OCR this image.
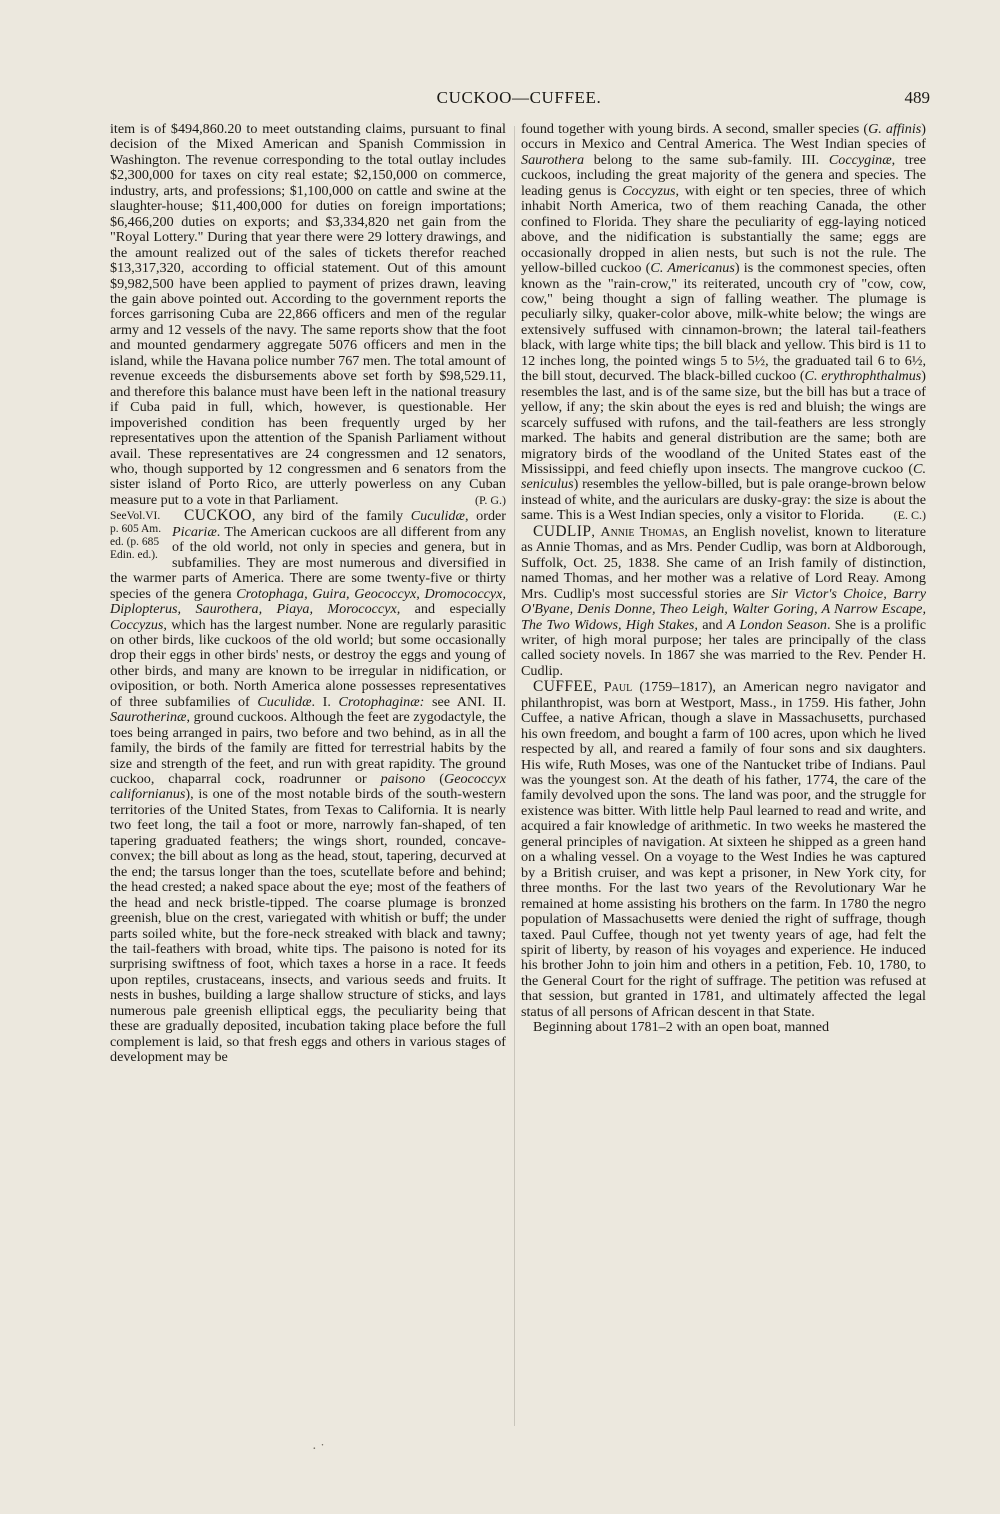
CUCKOO—CUFFEE.	489

item is of $494,860.20 to meet outstanding claims, pursuant to final decision of the Mixed American and Spanish Commission in Washington. The revenue corresponding to the total outlay includes $2,300,000 for taxes on city real estate; $2,150,000 on commerce, industry, arts, and professions; $1,100,000 on cattle and swine at the slaughter-house; $11,400,000 for duties on foreign importations; $6,466,200 duties on exports; and $3,334,820 net gain from the "Royal Lottery." During that year there were 29 lottery drawings, and the amount realized out of the sales of tickets therefor reached $13,317,320, according to official statement. Out of this amount $9,982,500 have been applied to payment of prizes drawn, leaving the gain above pointed out. According to the government reports the forces garrisoning Cuba are 22,866 officers and men of the regular army and 12 vessels of the navy. The same reports show that the foot and mounted gendarmery aggregate 5076 officers and men in the island, while the Havana police number 767 men. The total amount of revenue exceeds the disbursements above set forth by $98,529.11, and therefore this balance must have been left in the national treasury if Cuba paid in full, which, however, is questionable. Her impoverished condition has been frequently urged by her representatives upon the attention of the Spanish Parliament without avail. These representatives are 24 congressmen and 12 senators, who, though supported by 12 congressmen and 6 senators from the sister island of Porto Rico, are utterly powerless on any Cuban measure put to a vote in that Parliament.	(P. G.)

CUCKOO, any bird of the family Cuculidæ, order
SeeVol.VI. p. 605 Am. ed. (p. 685 Edin. ed.).
Picariæ. The American cuckoos are all different from any of the old world, not only in species and genera, but in subfamilies. They are most numerous and diversified in the warmer parts of America. There are some twenty-five or thirty species of the genera Crotophaga, Guira, Geococcyx, Dromococcyx, Diplopterus, Saurothera, Piaya, Morococcyx, and especially Coccyzus, which has the largest number. None are regularly parasitic on other birds, like cuckoos of the old world; but some occasionally drop their eggs in other birds' nests, or destroy the eggs and young of other birds, and many are known to be irregular in nidification, or oviposition, or both. North America alone possesses representatives of three subfamilies of Cuculidæ. I. Crotophaginæ: see ANI. II. Saurotherinæ, ground cuckoos. Although the feet are zygodactyle, the toes being arranged in pairs, two before and two behind, as in all the family, the birds of the family are fitted for terrestrial habits by the size and strength of the feet, and run with great rapidity. The ground cuckoo, chaparral cock, roadrunner or paisono (Geococcyx californianus), is one of the most notable birds of the south-western territories of the United States, from Texas to California. It is nearly two feet long, the tail a foot or more, narrowly fan-shaped, of ten tapering graduated feathers; the wings short, rounded, concave-convex; the bill about as long as the head, stout, tapering, decurved at the end; the tarsus longer than the toes, scutellate before and behind; the head crested; a naked space about the eye; most of the feathers of the head and neck bristle-tipped. The coarse plumage is bronzed greenish, blue on the crest, variegated with whitish or buff; the under parts soiled white, but the fore-neck streaked with black and tawny; the tail-feathers with broad, white tips. The paisono is noted for its surprising swiftness of foot, which taxes a horse in a race. It feeds upon reptiles, crustaceans, insects, and various seeds and fruits. It nests in bushes, building a large shallow structure of sticks, and lays numerous pale greenish elliptical eggs, the peculiarity being that these are gradually deposited, incubation taking place before the full complement is laid, so that fresh eggs and others in various stages of development may be

found together with young birds. A second, smaller species (G. affinis) occurs in Mexico and Central America. The West Indian species of Saurothera belong to the same sub-family. III. Coccyginæ, tree cuckoos, including the great majority of the genera and species. The leading genus is Coccyzus, with eight or ten species, three of which inhabit North America, two of them reaching Canada, the other confined to Florida. They share the peculiarity of egg-laying noticed above, and the nidification is substantially the same; eggs are occasionally dropped in alien nests, but such is not the rule. The yellow-billed cuckoo (C. Americanus) is the commonest species, often known as the "rain-crow," its reiterated, uncouth cry of "cow, cow, cow," being thought a sign of falling weather. The plumage is peculiarly silky, quaker-color above, milk-white below; the wings are extensively suffused with cinnamon-brown; the lateral tail-feathers black, with large white tips; the bill black and yellow. This bird is 11 to 12 inches long, the pointed wings 5 to 5½, the graduated tail 6 to 6½, the bill stout, decurved. The black-billed cuckoo (C. erythrophthalmus) resembles the last, and is of the same size, but the bill has but a trace of yellow, if any; the skin about the eyes is red and bluish; the wings are scarcely suffused with rufons, and the tail-feathers are less strongly marked. The habits and general distribution are the same; both are migratory birds of the woodland of the United States east of the Mississippi, and feed chiefly upon insects. The mangrove cuckoo (C. seniculus) resembles the yellow-billed, but is pale orange-brown below instead of white, and the auriculars are dusky-gray: the size is about the same. This is a West Indian species, only a visitor to Florida. (E. C.)

CUDLIP, Annie Thomas, an English novelist, known to literature as Annie Thomas, and as Mrs. Pender Cudlip, was born at Aldborough, Suffolk, Oct. 25, 1838. She came of an Irish family of distinction, named Thomas, and her mother was a relative of Lord Reay. Among Mrs. Cudlip's most successful stories are Sir Victor's Choice, Barry O'Byane, Denis Donne, Theo Leigh, Walter Goring, A Narrow Escape, The Two Widows, High Stakes, and A London Season. She is a prolific writer, of high moral purpose; her tales are principally of the class called society novels. In 1867 she was married to the Rev. Pender H. Cudlip.

CUFFEE, Paul (1759–1817), an American negro navigator and philanthropist, was born at Westport, Mass., in 1759. His father, John Cuffee, a native African, though a slave in Massachusetts, purchased his own freedom, and bought a farm of 100 acres, upon which he lived respected by all, and reared a family of four sons and six daughters. His wife, Ruth Moses, was one of the Nantucket tribe of Indians. Paul was the youngest son. At the death of his father, 1774, the care of the family devolved upon the sons. The land was poor, and the struggle for existence was bitter. With little help Paul learned to read and write, and acquired a fair knowledge of arithmetic. In two weeks he mastered the general principles of navigation. At sixteen he shipped as a green hand on a whaling vessel. On a voyage to the West Indies he was captured by a British cruiser, and was kept a prisoner, in New York city, for three months. For the last two years of the Revolutionary War he remained at home assisting his brothers on the farm. In 1780 the negro population of Massachusetts were denied the right of suffrage, though taxed. Paul Cuffee, though not yet twenty years of age, had felt the spirit of liberty, by reason of his voyages and experience. He induced his brother John to join him and others in a petition, Feb. 10, 1780, to the General Court for the right of suffrage. The petition was refused at that session, but granted in 1781, and ultimately affected the legal status of all persons of African descent in that State.

Beginning about 1781–2 with an open boat, manned

· ˙
